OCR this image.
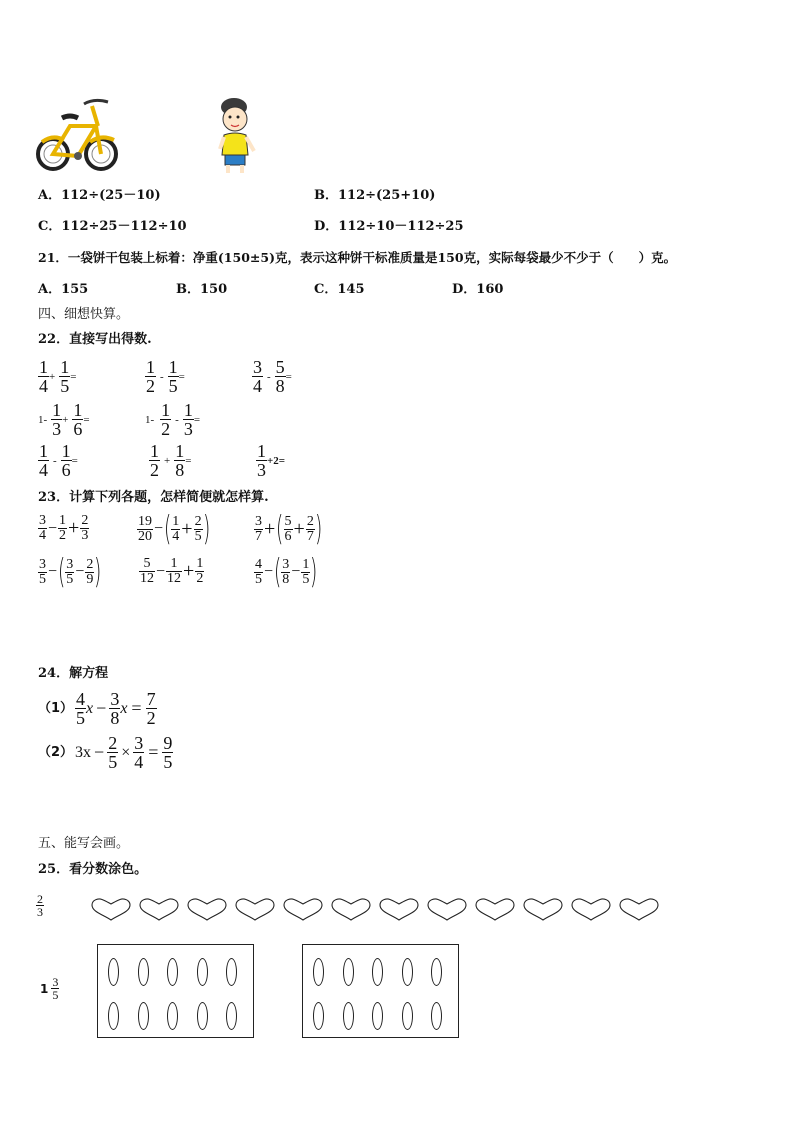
A．112÷(25－10)	B．112÷(25+10)
C．112÷25－112÷10	D．112÷10－112÷25
21．一袋饼干包装上标着：净重(150±5)克，表示这种饼干标准质量是150克，实际每袋最少不少于（　　）克。
A．155	B．150	C．145	D．160
四、细想快算。
22．直接写出得数.
$\frac{1}{4} + \frac{1}{5}$ =	$\frac{1}{2} - \frac{1}{5}$ =	$\frac{3}{4} - \frac{5}{8}$ =
$1- \frac{1}{3} + \frac{1}{6}$ =	$1- \frac{1}{2} - \frac{1}{3}$ =
$\frac{1}{4} - \frac{1}{6}$ =	$\frac{1}{2} + \frac{1}{8}$ =	$\frac{1}{3} +2=$
23．计算下列各题，怎样简便就怎样算.
$\frac{3}{4} - \frac{1}{2} + \frac{2}{3}$	$\frac{19}{20}$ − ( $\frac{1}{4} + \frac{2}{5}$ )	$\frac{3}{7}$ + ( $\frac{5}{6} + \frac{2}{7}$ )
$\frac{3}{5}$ − ( $\frac{3}{5} - \frac{2}{9}$ )	$\frac{5}{12} - \frac{1}{12} + \frac{1}{2}$	$\frac{4}{5}$ − ( $\frac{3}{8} - \frac{1}{5}$ )
24．解方程
$(1) \frac{4}{5}$ $x - \frac{3}{8}$ $x = \frac{7}{2}$
（2） $3x - \frac{2}{5} \times \frac{3}{4} = \frac{9}{5}$
五、能写会画。
25．看分数涂色。
$\frac{2}{3}$
$1 \frac{3}{5}$
